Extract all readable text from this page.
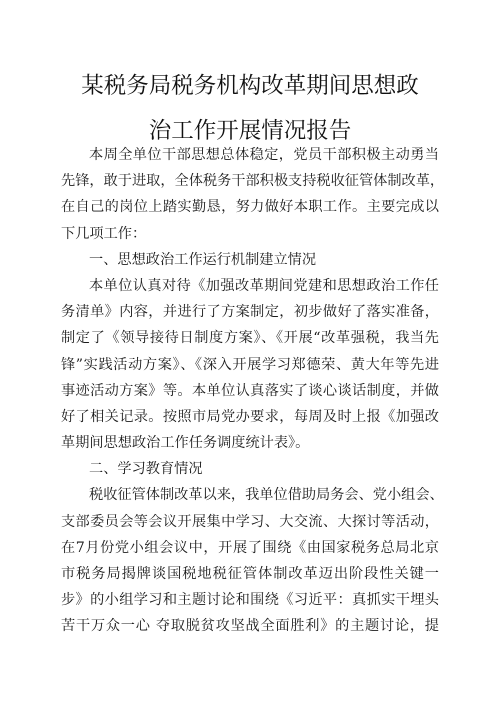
某税务局税务机构改革期间思想政
治工作开展情况报告
本周全单位干部思想总体稳定，党员干部积极主动勇当
先锋，敢于进取，全体税务干部积极支持税收征管体制改革，
在自己的岗位上踏实勤恳，努力做好本职工作。主要完成以
下几项工作：
一、思想政治工作运行机制建立情况
本单位认真对待《加强改革期间党建和思想政治工作任
务清单》内容，并进行了方案制定，初步做好了落实准备，
制定了《领导接待日制度方案》、《开展“改革强税，我当先
锋”实践活动方案》、《深入开展学习郑德荣、黄大年等先进
事迹活动方案》等。本单位认真落实了谈心谈话制度，并做
好了相关记录。按照市局党办要求，每周及时上报《加强改
革期间思想政治工作任务调度统计表》。
二、学习教育情况
税收征管体制改革以来，我单位借助局务会、党小组会、
支部委员会等会议开展集中学习、大交流、大探讨等活动，
在7月份党小组会议中，开展了围绕《由国家税务总局北京
市税务局揭牌谈国税地税征管体制改革迈出阶段性关键一
步》的小组学习和主题讨论和围绕《习近平：真抓实干埋头
苦干万众一心 夺取脱贫攻坚战全面胜利》的主题讨论，提
